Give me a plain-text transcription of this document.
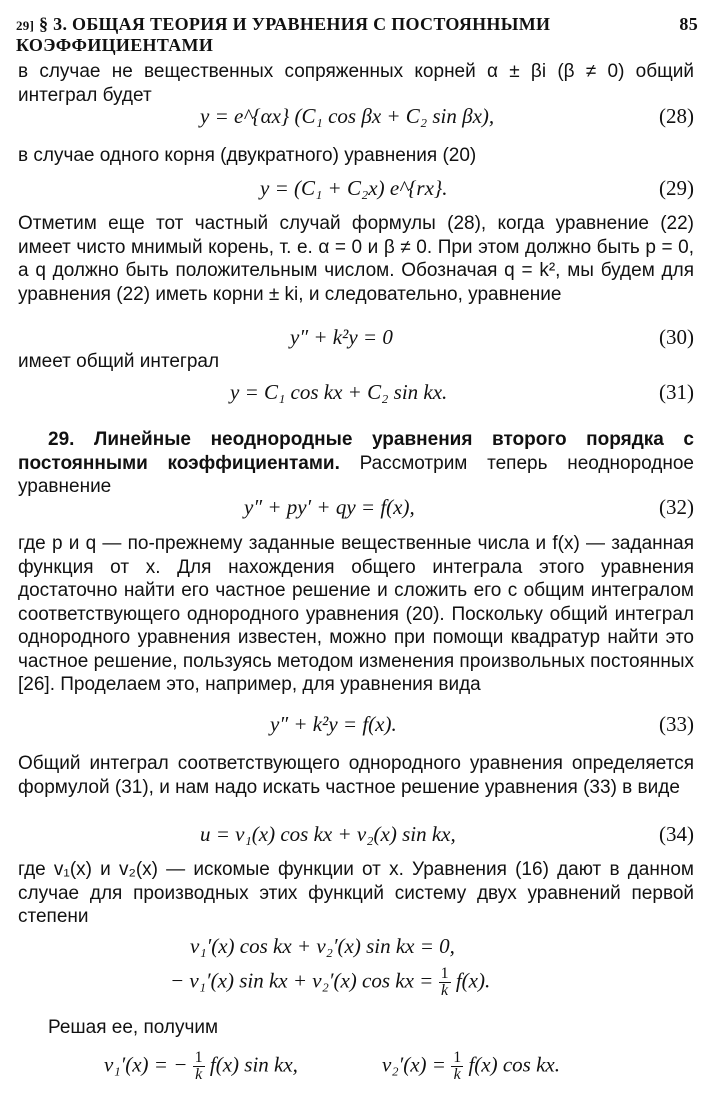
29] § 3. ОБЩАЯ ТЕОРИЯ И УРАВНЕНИЯ С ПОСТОЯННЫМИ КОЭФФИЦИЕНТАМИ
85
в случае не вещественных сопряженных корней α ± βi (β ≠ 0) общий интеграл будет
y = e^{αx} (C₁ cos βx + C₂ sin βx),	(28)
в случае одного корня (двукратного) уравнения (20)
y = (C₁ + C₂x) e^{rx}.	(29)
Отметим еще тот частный случай формулы (28), когда уравнение (22) имеет чисто мнимый корень, т. е. α = 0 и β ≠ 0. При этом должно быть p = 0, а q должно быть положительным числом. Обозначая q = k², мы будем для уравнения (22) иметь корни ± ki, и следовательно, уравнение
y″ + k²y = 0	(30)
имеет общий интеграл
y = C₁ cos kx + C₂ sin kx.	(31)
29. Линейные неоднородные уравнения второго порядка с постоянными коэффициентами. Рассмотрим теперь неоднородное уравнение
y″ + py′ + qy = f(x),	(32)
где p и q — по-прежнему заданные вещественные числа и f(x) — заданная функция от x. Для нахождения общего интеграла этого уравнения достаточно найти его частное решение и сложить его с общим интегралом соответствующего однородного уравнения (20). Поскольку общий интеграл однородного уравнения известен, можно при помощи квадратур найти это частное решение, пользуясь методом изменения произвольных постоянных [26]. Проделаем это, например, для уравнения вида
y″ + k²y = f(x).	(33)
Общий интеграл соответствующего однородного уравнения определяется формулой (31), и нам надо искать частное решение уравнения (33) в виде
u = v₁(x) cos kx + v₂(x) sin kx,	(34)
где v₁(x) и v₂(x) — искомые функции от x. Уравнения (16) дают в данном случае для производных этих функций систему двух уравнений первой степени
v₁′(x) cos kx + v₂′(x) sin kx = 0,
− v₁′(x) sin kx + v₂′(x) cos kx = $\frac{1}{k} f(x)$.
Решая ее, получим
v₁′(x) = − $\frac{1}{k} f(x)$ sin kx,	$v_2'(x) = \frac{1}{k} f(x)$ cos kx.
